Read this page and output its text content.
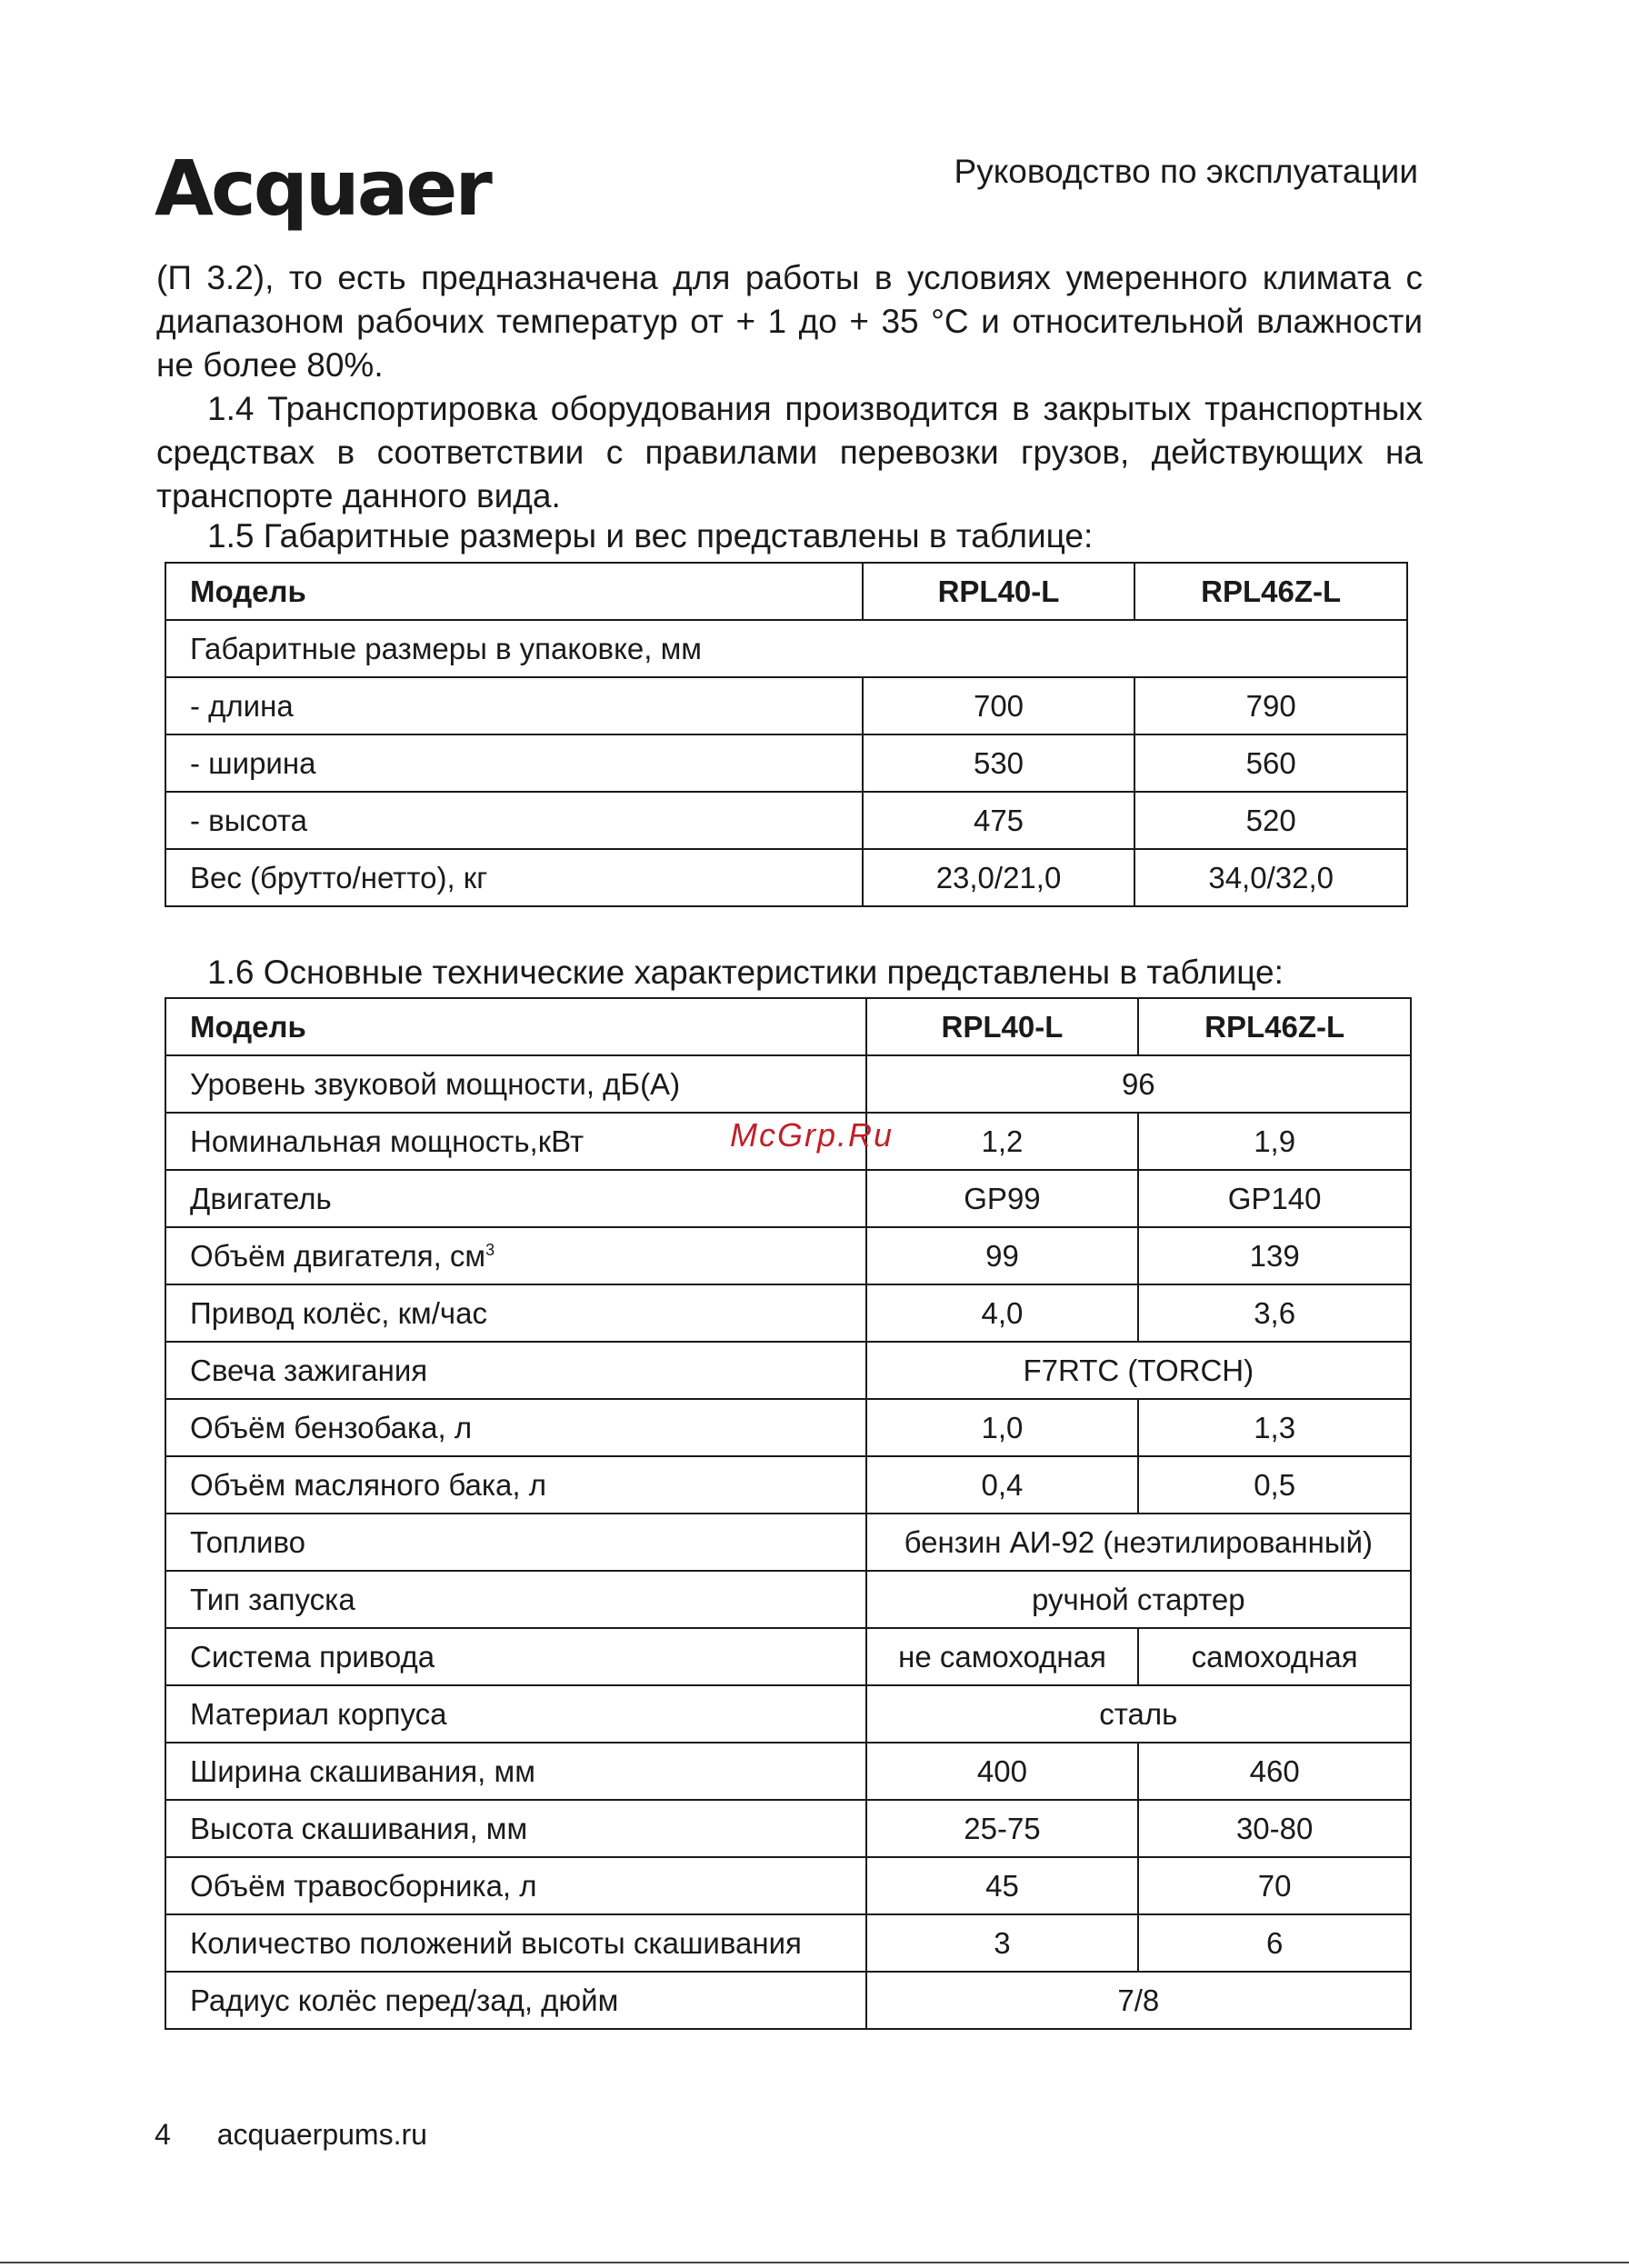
Acquaer	Руководство по эксплуатации

(П 3.2), то есть предназначена для работы в условиях умеренного климата с диапазоном рабочих температур от + 1 до + 35 °С и относительной влажности не более 80%.

1.4 Транспортировка оборудования производится в закрытых транспортных средствах в соответствии с правилами перевозки грузов, действующих на транспорте данного вида.

1.5 Габаритные размеры и вес представлены в таблице:
Модель	RPL40-L	RPL46Z-L
Габаритные размеры в упаковке, мм		
- длина	700	790
- ширина	530	560
- высота	475	520
Вес (брутто/нетто), кг	23,0/21,0	34,0/32,0
1.6 Основные технические характеристики представлены в таблице:
Модель	RPL40-L	RPL46Z-L
Уровень звуковой мощности, дБ(А)	96	
Номинальная мощность,кВт	1,2	1,9
Двигатель	GP99	GP140
Объём двигателя, $см^3$	99	139
Привод колёс, км/час	4,0	3,6
Свеча зажигания	F7RTC (TORCH)	
Объём бензобака, л	1,0	1,3
Объём масляного бака, л	0,4	0,5
Топливо	бензин АИ-92 (неэтилированный)	
Тип запуска	ручной стартер	
Система привода	не самоходная	самоходная
Материал корпуса	сталь	
Ширина скашивания, мм	400	460
Высота скашивания, мм	25-75	30-80
Объём травосборника, л	45	70
Количество положений высоты скашивания	3	6
Радиус колёс перед/зад, дюйм	7/8	
McGrp.Ru
4 acquaerpums.ru
